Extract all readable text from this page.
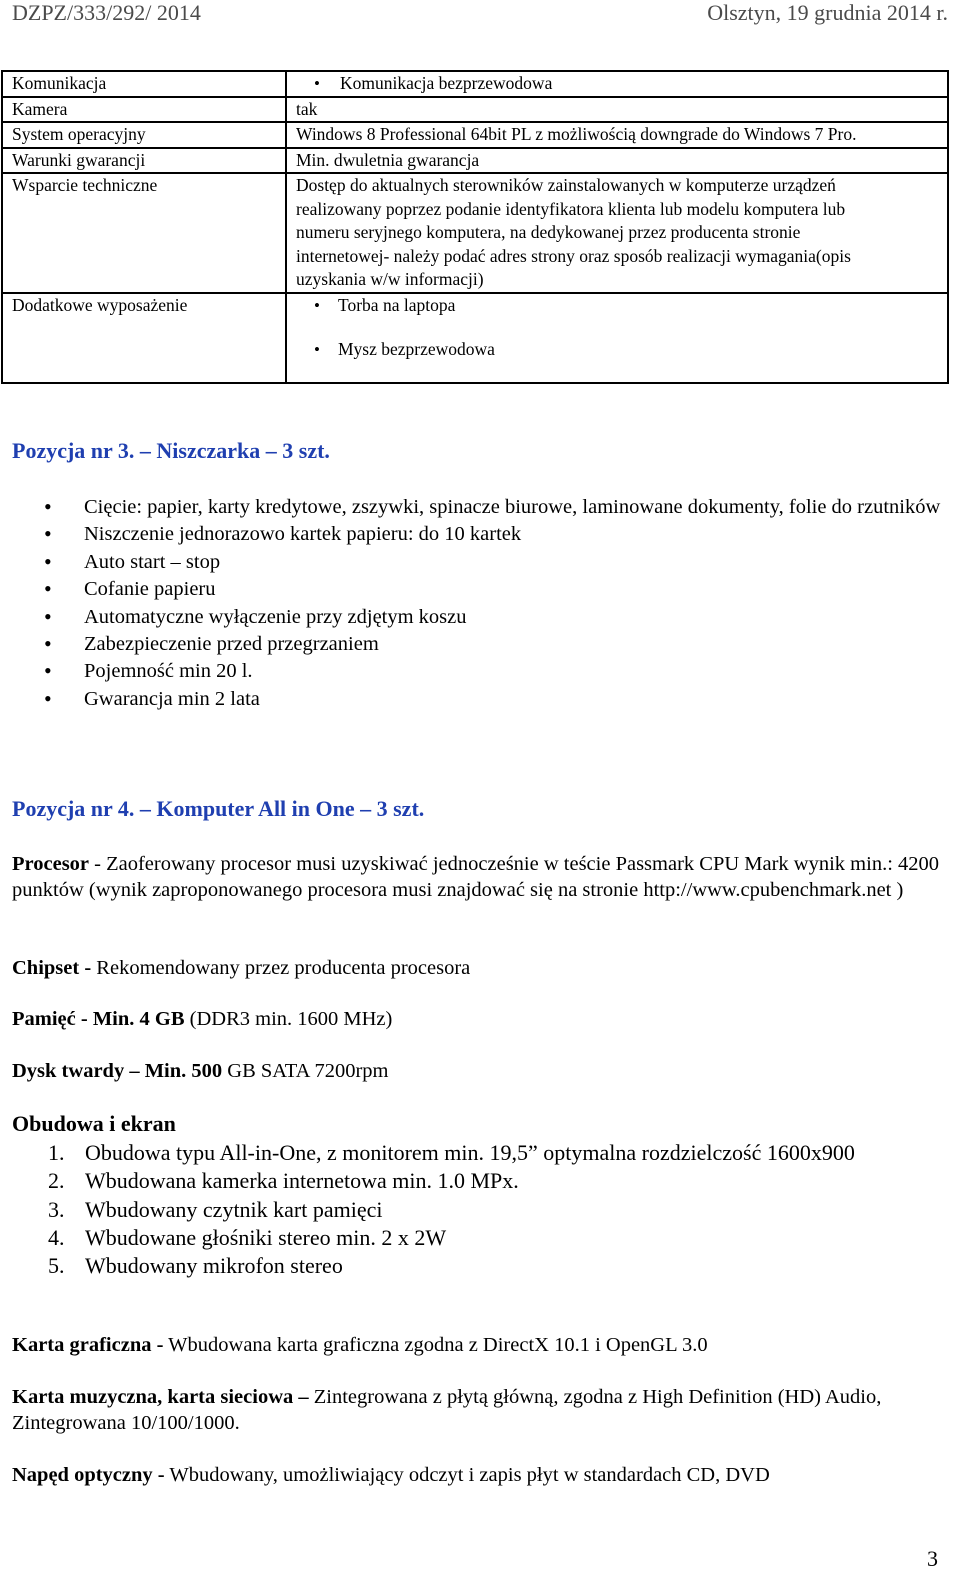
DZPZ/333/292/ 2014	Olsztyn, 19 grudnia 2014 r.
Komunikacja	• Komunikacja bezprzewodowa

Kamera	tak
System operacyjny	Windows 8 Professional 64bit PL z możliwością downgrade do Windows 7 Pro.
Warunki gwarancji	Min. dwuletnia gwarancja
Wsparcie techniczne	Dostęp do aktualnych sterowników zainstalowanych w komputerze urządzeń realizowany poprzez podanie identyfikatora klienta lub modelu komputera lub numeru seryjnego komputera, na dedykowanej przez producenta stronie internetowej- należy podać adres strony oraz sposób realizacji wymagania(opis uzyskania w/w informacji)
Dodatkowe wyposażenie	• Torba na laptopa
• Mysz bezprzewodowa
Pozycja nr 3. – Niszczarka – 3 szt.
• Cięcie: papier, karty kredytowe, zszywki, spinacze biurowe, laminowane dokumenty, folie do rzutników
• Niszczenie jednorazowo kartek papieru: do 10 kartek
• Auto start – stop
• Cofanie papieru
• Automatyczne wyłączenie przy zdjętym koszu
• Zabezpieczenie przed przegrzaniem
• Pojemność min 20 l.
• Gwarancja min 2 lata
Pozycja nr 4. – Komputer All in One – 3 szt.
Procesor - Zaoferowany procesor musi uzyskiwać jednocześnie w teście Passmark CPU Mark wynik min.: 4200 punktów (wynik zaproponowanego procesora musi znajdować się na stronie http://www.cpubenchmark.net )
Chipset - Rekomendowany przez producenta procesora
Pamięć - Min. 4 GB (DDR3 min. 1600 MHz)
Dysk twardy – Min. 500 GB SATA 7200rpm
Obudowa i ekran
1. Obudowa typu All-in-One, z monitorem min. 19,5” optymalna rozdzielczość 1600x900
2. Wbudowana kamerka internetowa min. 1.0 MPx.
3. Wbudowany czytnik kart pamięci
4. Wbudowane głośniki stereo min. 2 x 2W
5. Wbudowany mikrofon stereo
Karta graficzna - Wbudowana karta graficzna zgodna z DirectX 10.1 i OpenGL 3.0
Karta muzyczna, karta sieciowa – Zintegrowana z płytą główną, zgodna z High Definition (HD) Audio, Zintegrowana 10/100/1000.
Napęd optyczny - Wbudowany, umożliwiający odczyt i zapis płyt w standardach CD, DVD
3
